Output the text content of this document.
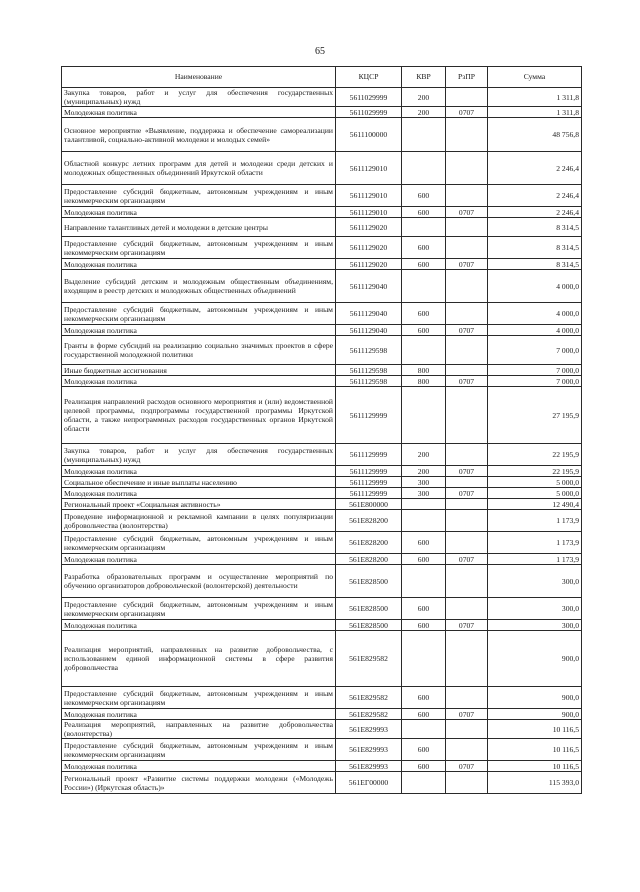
65
Наименование	КЦСР	КВР	РзПР	Сумма
Закупка товаров, работ и услуг для обеспечения государственных (муниципальных) нужд	5611029999	200		1 311,8
Молодежная политика	5611029999	200	0707	1 311,8
Основное мероприятие «Выявление, поддержка и обеспечение самореализации талантливой, социально-активной молодежи и молодых семей»	5611100000			48 756,8
Областной конкурс летних программ для детей и молодежи среди детских и молодежных общественных объединений Иркутской области	5611129010			2 246,4
Предоставление субсидий бюджетным, автономным учреждениям и иным некоммерческим организациям	5611129010	600		2 246,4
Молодежная политика	5611129010	600	0707	2 246,4
Направление талантливых детей и молодежи в детские центры	5611129020			8 314,5
Предоставление субсидий бюджетным, автономным учреждениям и иным некоммерческим организациям	5611129020	600		8 314,5
Молодежная политика	5611129020	600	0707	8 314,5
Выделение субсидий детским и молодежным общественным объединениям, входящим в реестр детских и молодежных общественных объединений	5611129040			4 000,0
Предоставление субсидий бюджетным, автономным учреждениям и иным некоммерческим организациям	5611129040	600		4 000,0
Молодежная политика	5611129040	600	0707	4 000,0
Гранты в форме субсидий на реализацию социально значимых проектов в сфере государственной молодежной политики	5611129598			7 000,0
Иные бюджетные ассигнования	5611129598	800		7 000,0
Молодежная политика	5611129598	800	0707	7 000,0
Реализация направлений расходов основного мероприятия и (или) ведомственной целевой программы, подпрограммы государственной программы Иркутской области, а также непрограммных расходов государственных органов Иркутской области	5611129999			27 195,9
Закупка товаров, работ и услуг для обеспечения государственных (муниципальных) нужд	5611129999	200		22 195,9
Молодежная политика	5611129999	200	0707	22 195,9
Социальное обеспечение и иные выплаты населению	5611129999	300		5 000,0
Молодежная политика	5611129999	300	0707	5 000,0
Региональный проект «Социальная активность»	561E800000			12 490,4
Проведение информационной и рекламной кампании в целях популяризации добровольчества (волонтерства)	561E828200			1 173,9
Предоставление субсидий бюджетным, автономным учреждениям и иным некоммерческим организациям	561E828200	600		1 173,9
Молодежная политика	561E828200	600	0707	1 173,9
Разработка образовательных программ и осуществление мероприятий по обучению организаторов добровольческой (волонтерской) деятельности	561E828500			300,0
Предоставление субсидий бюджетным, автономным учреждениям и иным некоммерческим организациям	561E828500	600		300,0
Молодежная политика	561E828500	600	0707	300,0
Реализация мероприятий, направленных на развитие добровольчества, с использованием единой информационной системы в сфере развития добровольчества	561E829582			900,0
Предоставление субсидий бюджетным, автономным учреждениям и иным некоммерческим организациям	561E829582	600		900,0
Молодежная политика	561E829582	600	0707	900,0
Реализация мероприятий, направленных на развитие добровольчества (волонтерства)	561E829993			10 116,5
Предоставление субсидий бюджетным, автономным учреждениям и иным некоммерческим организациям	561E829993	600		10 116,5
Молодежная политика	561E829993	600	0707	10 116,5
Региональный проект «Развитие системы поддержки молодежи («Молодежь России») (Иркутская область)»	561EГ00000			115 393,0
